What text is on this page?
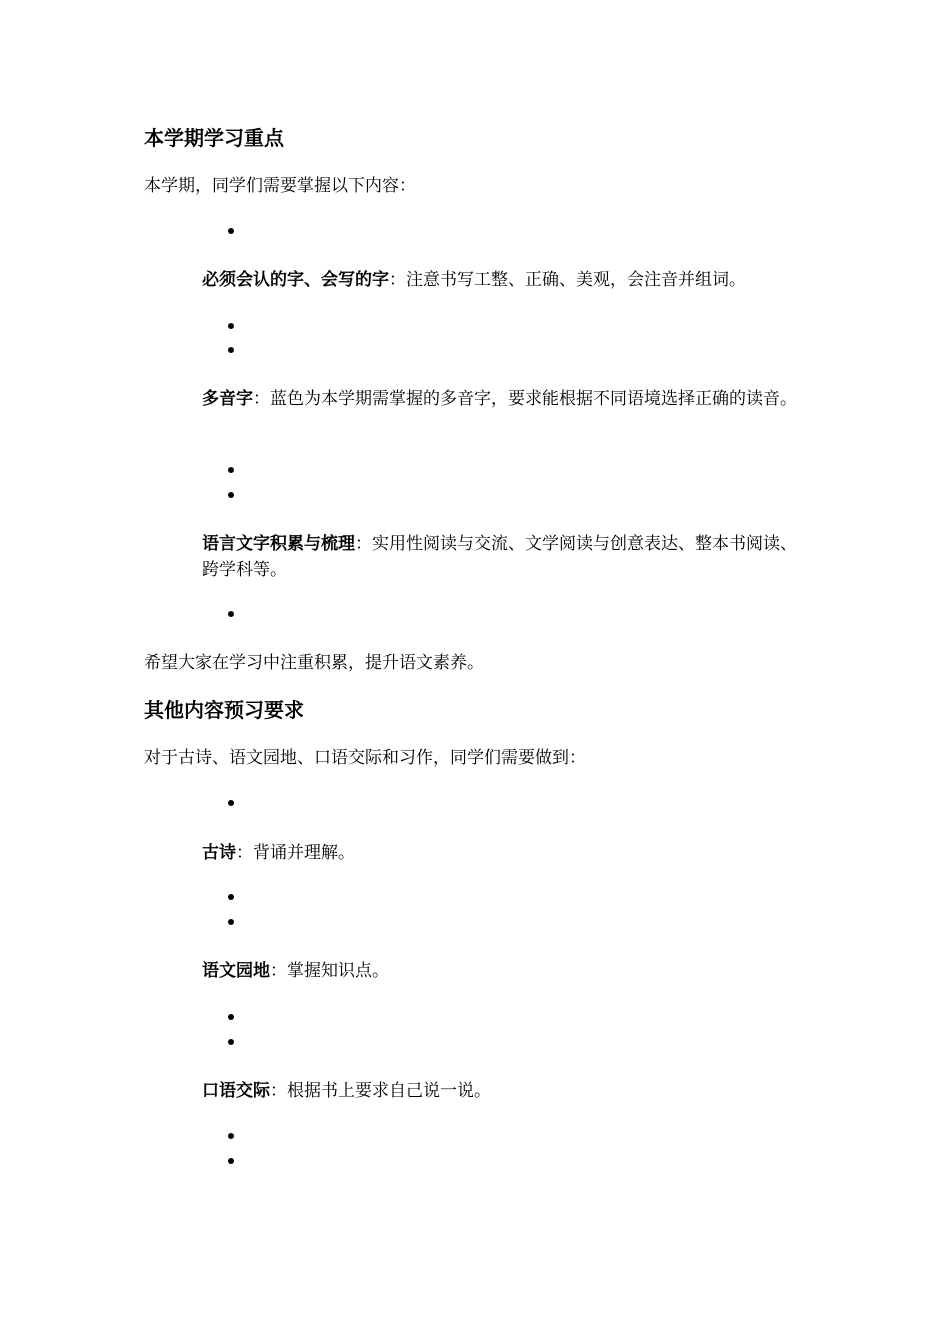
本学期学习重点

本学期，同学们需要掌握以下内容：

必须会认的字、会写的字：注意书写工整、正确、美观，会注音并组词。

多音字：蓝色为本学期需掌握的多音字，要求能根据不同语境选择正确的读音。

语言文字积累与梳理：实用性阅读与交流、文学阅读与创意表达、整本书阅读、跨学科等。

希望大家在学习中注重积累，提升语文素养。

其他内容预习要求

对于古诗、语文园地、口语交际和习作，同学们需要做到：

古诗：背诵并理解。

语文园地：掌握知识点。

口语交际：根据书上要求自己说一说。
